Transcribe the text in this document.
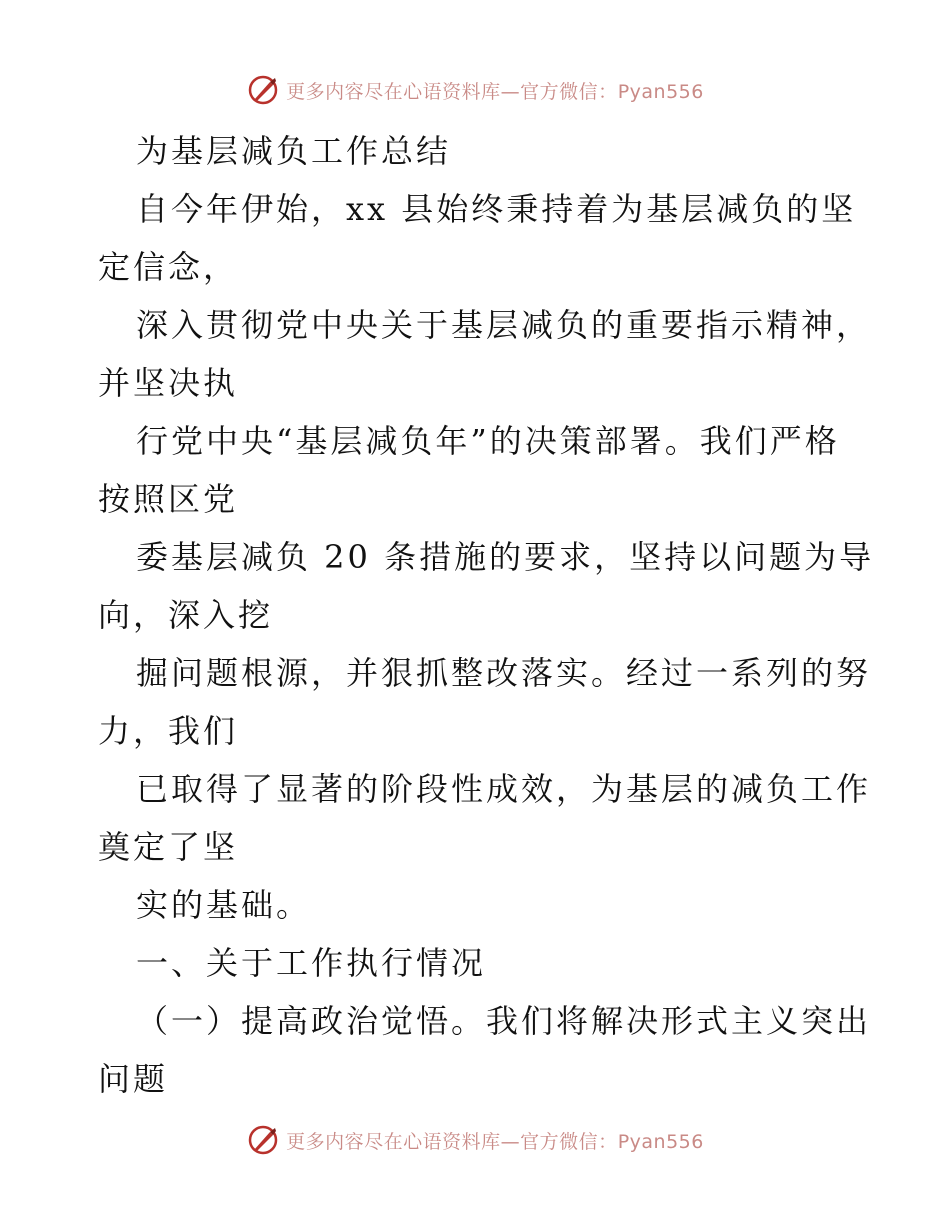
更多内容尽在心语资料库—官方微信：Pyan556
为基层减负工作总结
自今年伊始，xx 县始终秉持着为基层减负的坚
定信念，
深入贯彻党中央关于基层减负的重要指示精神，
并坚决执
行党中央“基层减负年”的决策部署。我们严格
按照区党
委基层减负 20 条措施的要求，坚持以问题为导
向，深入挖
掘问题根源，并狠抓整改落实。经过一系列的努
力，我们
已取得了显著的阶段性成效，为基层的减负工作
奠定了坚
实的基础。
一、关于工作执行情况
（一）提高政治觉悟。我们将解决形式主义突出
问题
更多内容尽在心语资料库—官方微信：Pyan556
